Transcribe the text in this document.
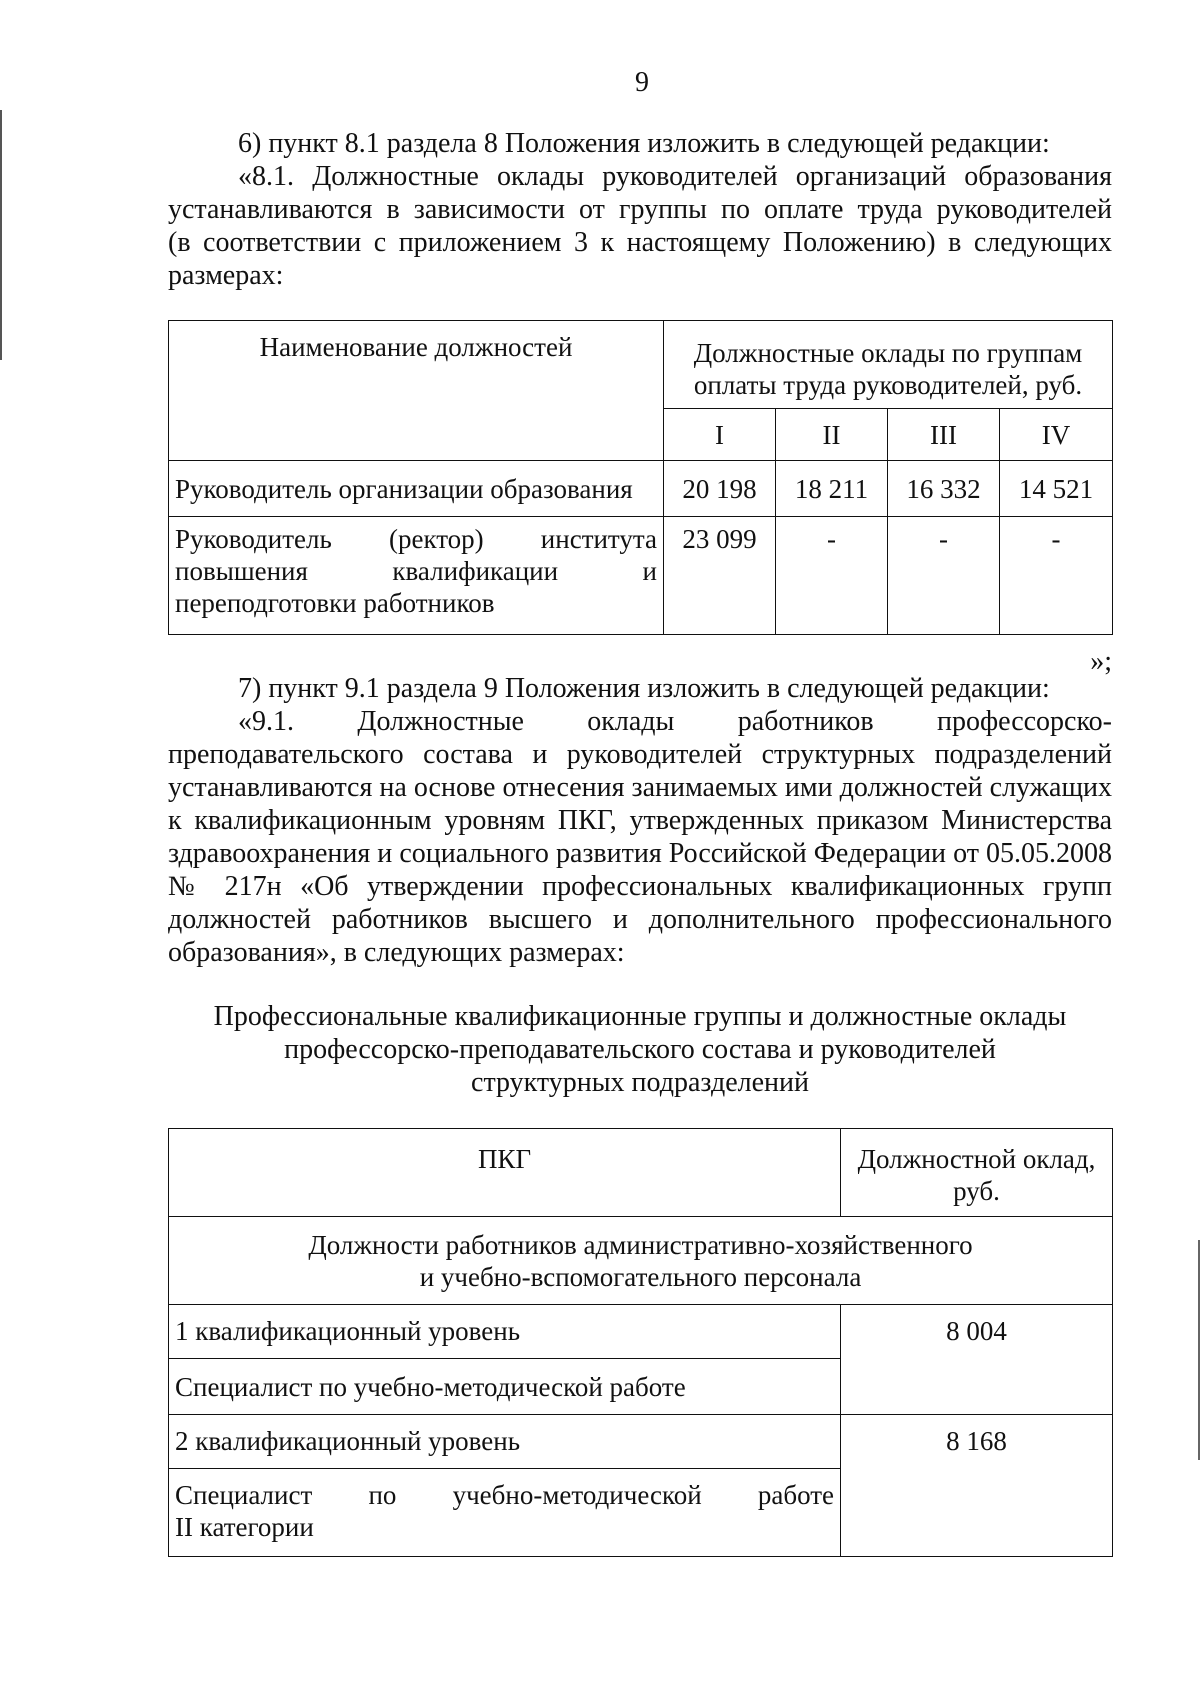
9

6) пункт 8.1 раздела 8 Положения изложить в следующей редакции:

«8.1. Должностные оклады руководителей организаций образования

устанавливаются в зависимости от группы по оплате труда руководителей

(в соответствии с приложением 3 к настоящему Положению) в следующих

размерах:

Наименование должностей	Должностные оклады по группам оплаты труда руководителей, руб.			
	I	II	III	IV
Руководитель организации образования	20 198	18 211	16 332	14 521

Руководитель (ректор) института
повышения квалификации и
переподготовки работников	23 099	-	-	-
»;

7) пункт 9.1 раздела 9 Положения изложить в следующей редакции:

«9.1. Должностные оклады работников профессорско-

преподавательского состава и руководителей структурных подразделений

устанавливаются на основе отнесения занимаемых ими должностей служащих

к квалификационным уровням ПКГ, утвержденных приказом Министерства

здравоохранения и социального развития Российской Федерации от 05.05.2008

№ 217н «Об утверждении профессиональных квалификационных групп

должностей работников высшего и дополнительного профессионального

образования», в следующих размерах:

Профессиональные квалификационные группы и должностные оклады
профессорско-преподавательского состава и руководителей
структурных подразделений
ПКГ	Должностной оклад, руб.

Должности работников административно-хозяйственного
и учебно-вспомогательного персонала	

1 квалификационный уровень	8 004
Специалист по учебно-методической работе	
2 квалификационный уровень	8 168

Специалист по учебно-методической работе
II категории	
